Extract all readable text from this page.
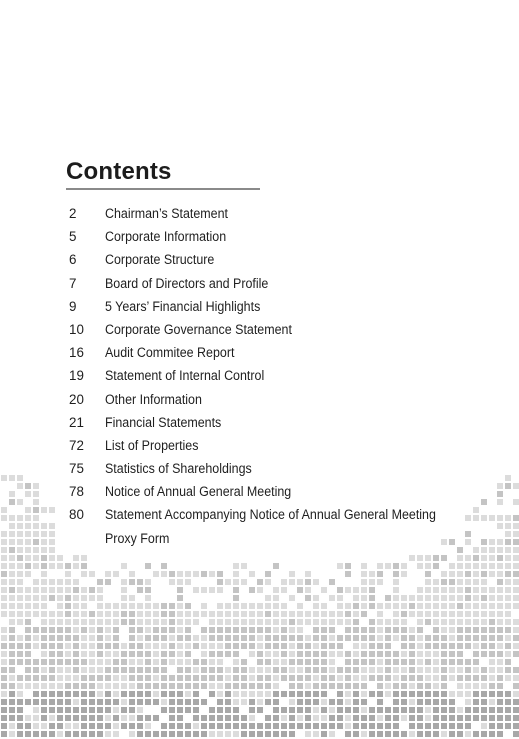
Contents
2	Chairman’s Statement
5	Corporate Information
6	Corporate Structure
7	Board of Directors and Profile
9	5 Years’ Financial Highlights
10	Corporate Governance Statement
16	Audit Commitee Report
19	Statement of Internal Control
20	Other Information
21	Financial Statements
72	List of Properties
75	Statistics of Shareholdings
78	Notice of Annual General Meeting
80	Statement Accompanying Notice of Annual General Meeting
Proxy Form
